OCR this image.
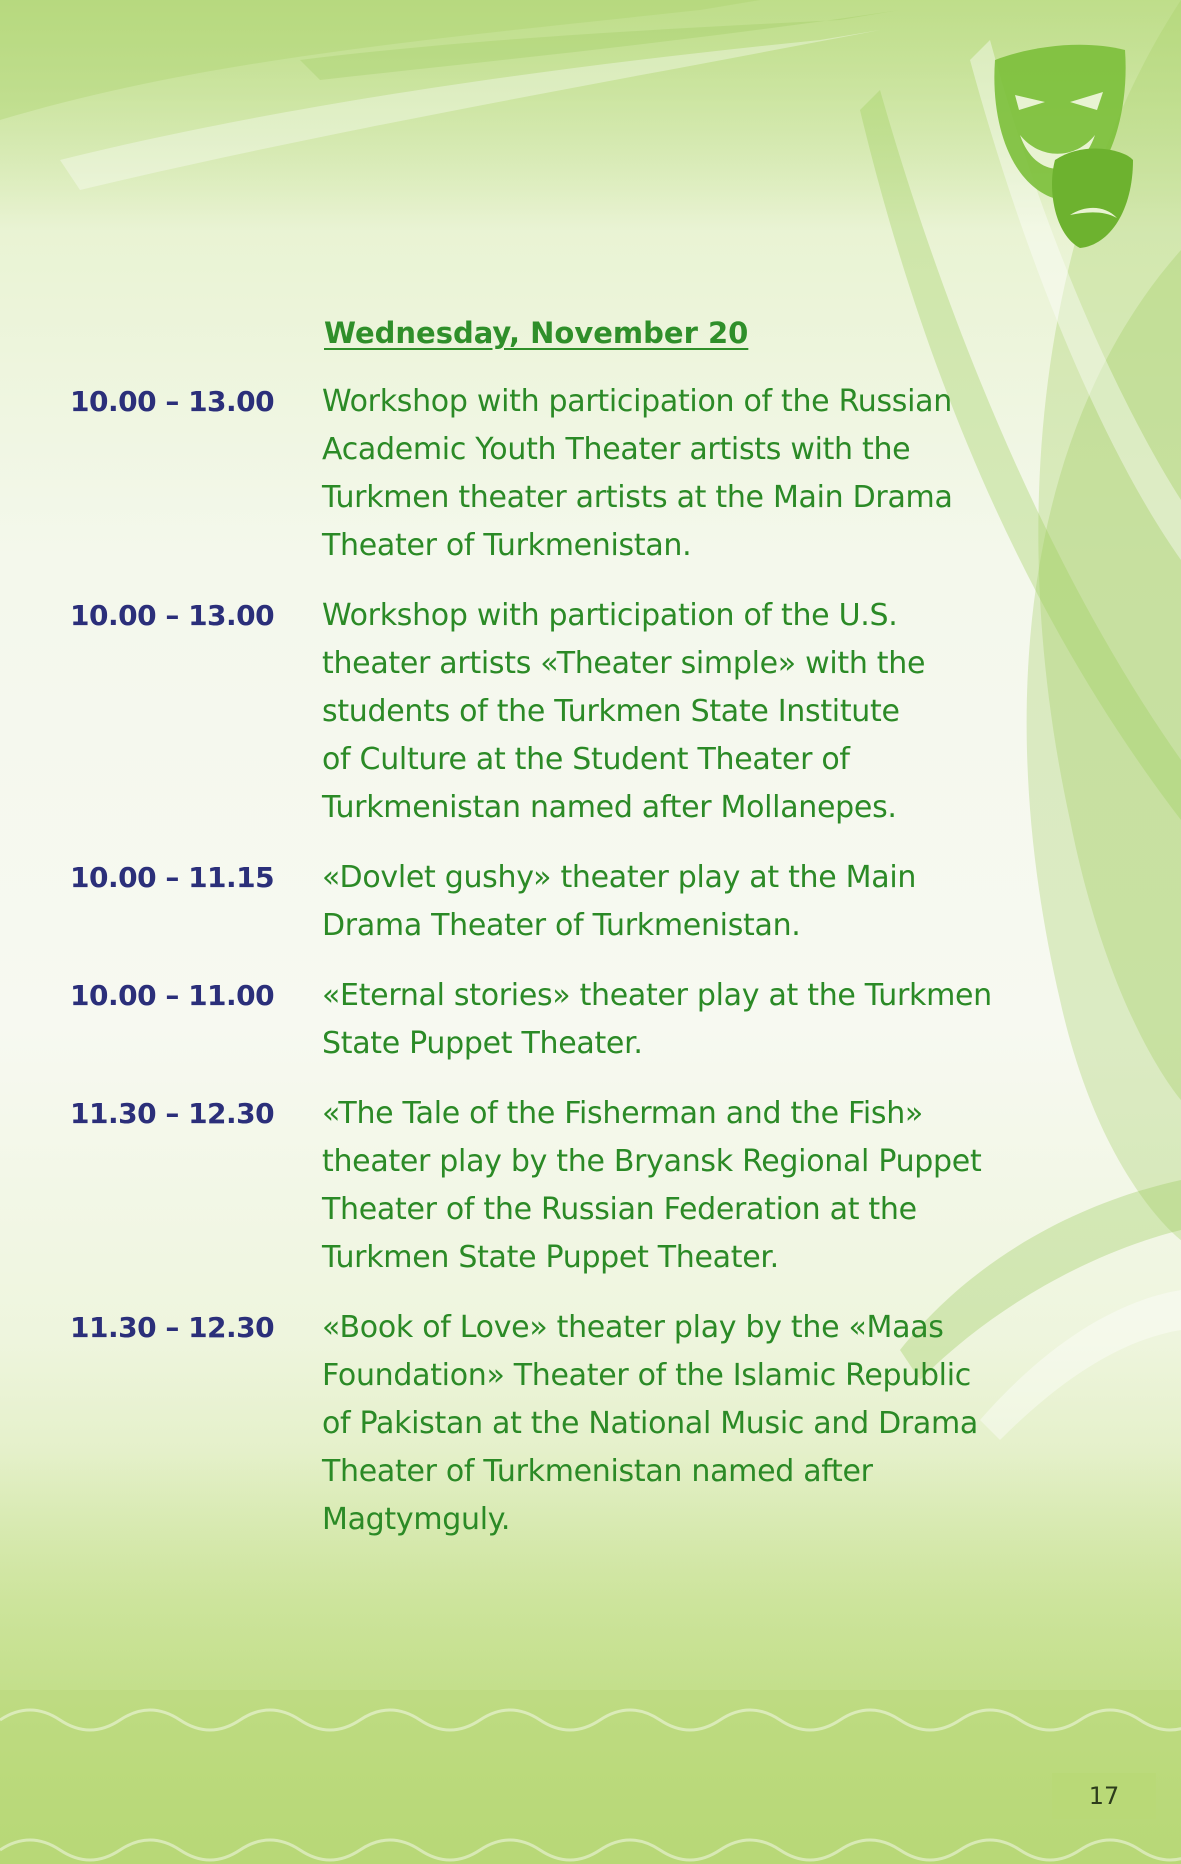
Wednesday, November 20
10.00 – 13.00	Workshop with participation of the Russian
Academic Youth Theater artists with the
Turkmen theater artists at the Main Drama
Theater of Turkmenistan.
10.00 – 13.00	Workshop with participation of the U.S.
theater artists «Theater simple» with the
students of the Turkmen State Institute
of Culture at the Student Theater of
Turkmenistan named after Mollanepes.
10.00 – 11.15	«Dovlet gushy» theater play at the Main
Drama Theater of Turkmenistan.
10.00 – 11.00	«Eternal stories» theater play at the Turkmen
State Puppet Theater.
11.30 – 12.30	«The Tale of the Fisherman and the Fish»
theater play by the Bryansk Regional Puppet
Theater of the Russian Federation at the
Turkmen State Puppet Theater.
11.30 – 12.30	«Book of Love» theater play by the «Maas
Foundation» Theater of the Islamic Republic
of Pakistan at the National Music and Drama
Theater of Turkmenistan named after
Magtymguly.
17
